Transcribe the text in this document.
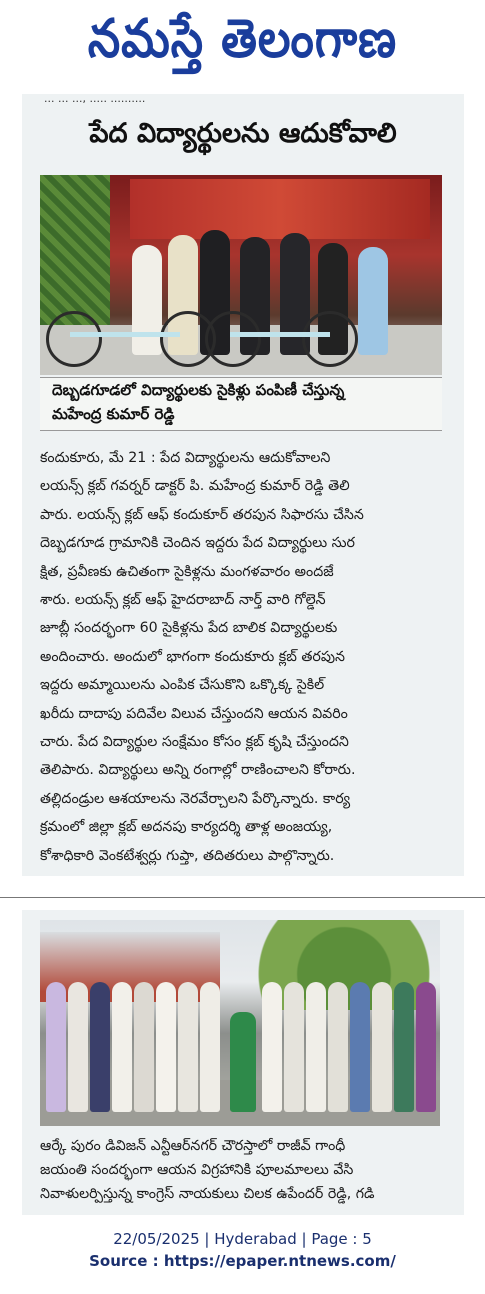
నమస్తే తెలంగాణ
... ... ..., ..... ..........
పేద విద్యార్థులను ఆదుకోవాలి
దెబ్బడగూడలో విద్యార్థులకు సైకిళ్లు పంపిణీ చేస్తున్న
మహేంద్ర కుమార్ రెడ్డి
కందుకూరు, మే 21 : పేద విద్యార్థులను ఆదుకోవాలని
లయన్స్ క్లబ్ గవర్నర్ డాక్టర్ పి. మహేంద్ర కుమార్ రెడ్డి తెలి
పారు. లయన్స్ క్లబ్ ఆఫ్ కందుకూర్ తరపున సిఫారసు చేసిన
దెబ్బడగూడ గ్రామానికి చెందిన ఇద్దరు పేద విద్యార్థులు సుర
క్షిత, ప్రవీణకు ఉచితంగా సైకిళ్లను మంగళవారం అందజే
శారు. లయన్స్ క్లబ్ ఆఫ్ హైదరాబాద్ నార్త్ వారి గోల్డెన్
జూబ్లీ సందర్భంగా 60 సైకిళ్లను పేద బాలిక విద్యార్థులకు
అందించారు. అందులో భాగంగా కందుకూరు క్లబ్ తరపున
ఇద్దరు అమ్మాయిలను ఎంపిక చేసుకొని ఒక్కొక్క సైకిల్
ఖరీదు దాదాపు పదివేల విలువ చేస్తుందని ఆయన వివరిం
చారు. పేద విద్యార్థుల సంక్షేమం కోసం క్లబ్ కృషి చేస్తుందని
తెలిపారు. విద్యార్థులు అన్ని రంగాల్లో రాణించాలని కోరారు.
తల్లిదండ్రుల ఆశయాలను నెరవేర్చాలని పేర్కొన్నారు. కార్య
క్రమంలో జిల్లా క్లబ్ అదనపు కార్యదర్శి తాళ్ల అంజయ్య,
కోశాధికారి వెంకటేశ్వర్లు గుప్తా, తదితరులు పాల్గొన్నారు.
ఆర్కే పురం డివిజన్ ఎన్టీఆర్‌నగర్ చౌరస్తాలో రాజీవ్ గాంధీ
జయంతి సందర్భంగా ఆయన విగ్రహానికి పూలమాలలు వేసి
నివాళులర్పిస్తున్న కాంగ్రెస్ నాయకులు చిలక ఉపేందర్ రెడ్డి, గడి
22/05/2025 | Hyderabad | Page : 5
Source : https://epaper.ntnews.com/
